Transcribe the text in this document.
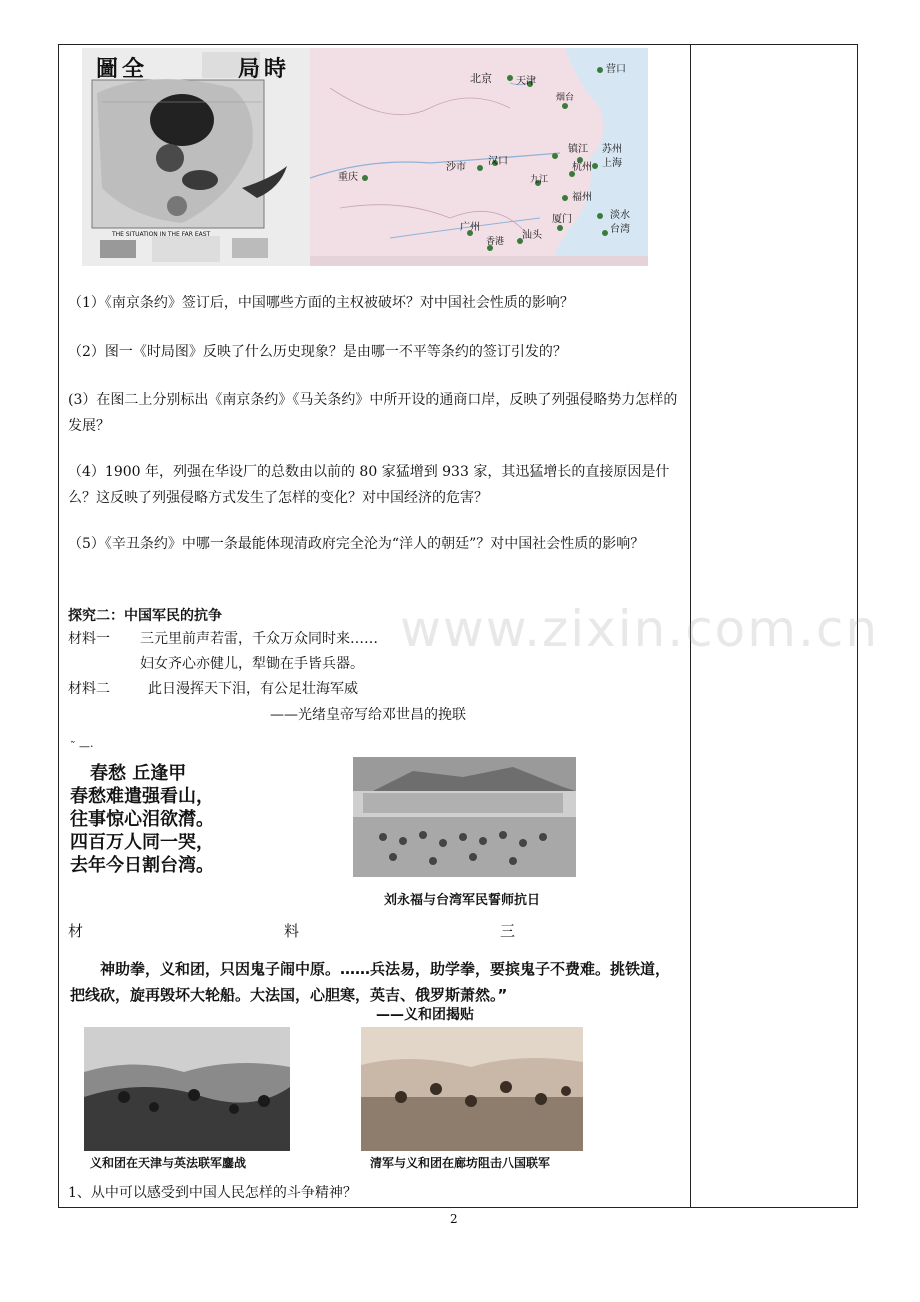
圖全	局時
THE SITUATION IN THE FAR EAST
北京 天津
营口
烟台
汉口
镇江 苏州
上海
杭州
重庆
沙市
九江
福州
厦门	淡水
台湾
广州
汕头
香港
（1）《南京条约》签订后，中国哪些方面的主权被破坏？对中国社会性质的影响？
（2）图一《时局图》反映了什么历史现象？是由哪一不平等条约的签订引发的？
(3）在图二上分别标出《南京条约》《马关条约》中所开设的通商口岸，反映了列强侵略势力怎样的发展？
（4）1900 年，列强在华设厂的总数由以前的 80 家猛增到 933 家，其迅猛增长的直接原因是什么？这反映了列强侵略方式发生了怎样的变化？对中国经济的危害？
（5）《辛丑条约》中哪一条最能体现清政府完全沦为“洋人的朝廷”？对中国社会性质的影响？
探究二：中国军民的抗争
材料一 三元里前声若雷，千众万众同时来……
妇女齐心亦健儿，犁锄在手皆兵器。
材料二	此日漫挥天下泪，有公足壮海军威
——光绪皇帝写给邓世昌的挽联
˜ —·
春愁 丘逢甲
春愁难遣强看山，
往事惊心泪欲潸。
四百万人同一哭，
去年今日割台湾。
刘永福与台湾军民誓师抗日
材	料	三
神助拳，义和团，只因鬼子闹中原。……兵法易，助学拳，要摈鬼子不费难。挑铁道，把线砍，旋再毁坏大轮船。大法国，心胆寒，英吉、俄罗斯萧然。”
——义和团揭贴
义和团在天津与英法联军鏖战	清军与义和团在廊坊阻击八国联军
1、从中可以感受到中国人民怎样的斗争精神？
www.zixin.com.cn
2
